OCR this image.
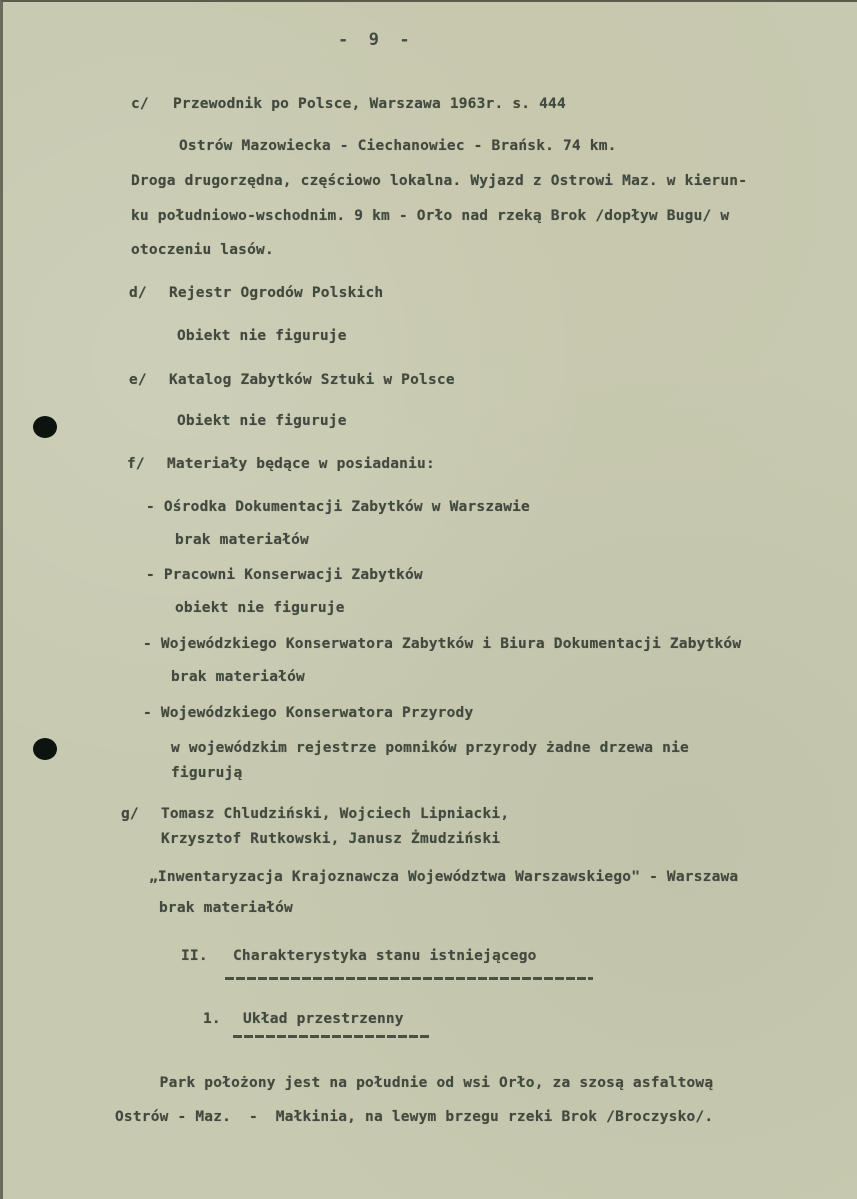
-  9  -
c/ Przewodnik po Polsce, Warszawa 1963r. s. 444
Ostrów Mazowiecka - Ciechanowiec - Brańsk. 74 km.
Droga drugorzędna, częściowo lokalna. Wyjazd z Ostrowi Maz. w kierun-
ku południowo-wschodnim. 9 km - Orło nad rzeką Brok /dopływ Bugu/ w
otoczeniu lasów.
d/ Rejestr Ogrodów Polskich
Obiekt nie figuruje
e/ Katalog Zabytków Sztuki w Polsce
Obiekt nie figuruje
f/ Materiały będące w posiadaniu:
- Ośrodka Dokumentacji Zabytków w Warszawie
brak materiałów
- Pracowni Konserwacji Zabytków
obiekt nie figuruje
- Wojewódzkiego Konserwatora Zabytków i Biura Dokumentacji Zabytków
brak materiałów
- Wojewódzkiego Konserwatora Przyrody
w wojewódzkim rejestrze pomników przyrody żadne drzewa nie
figurują
g/ Tomasz Chludziński, Wojciech Lipniacki,
Krzysztof Rutkowski, Janusz Żmudziński
„Inwentaryzacja Krajoznawcza Województwa Warszawskiego" - Warszawa
brak materiałów
II. Charakterystyka stanu istniejącego
1. Układ przestrzenny
Park położony jest na południe od wsi Orło, za szosą asfaltową
Ostrów - Maz.  -  Małkinia, na lewym brzegu rzeki Brok /Broczysko/.
